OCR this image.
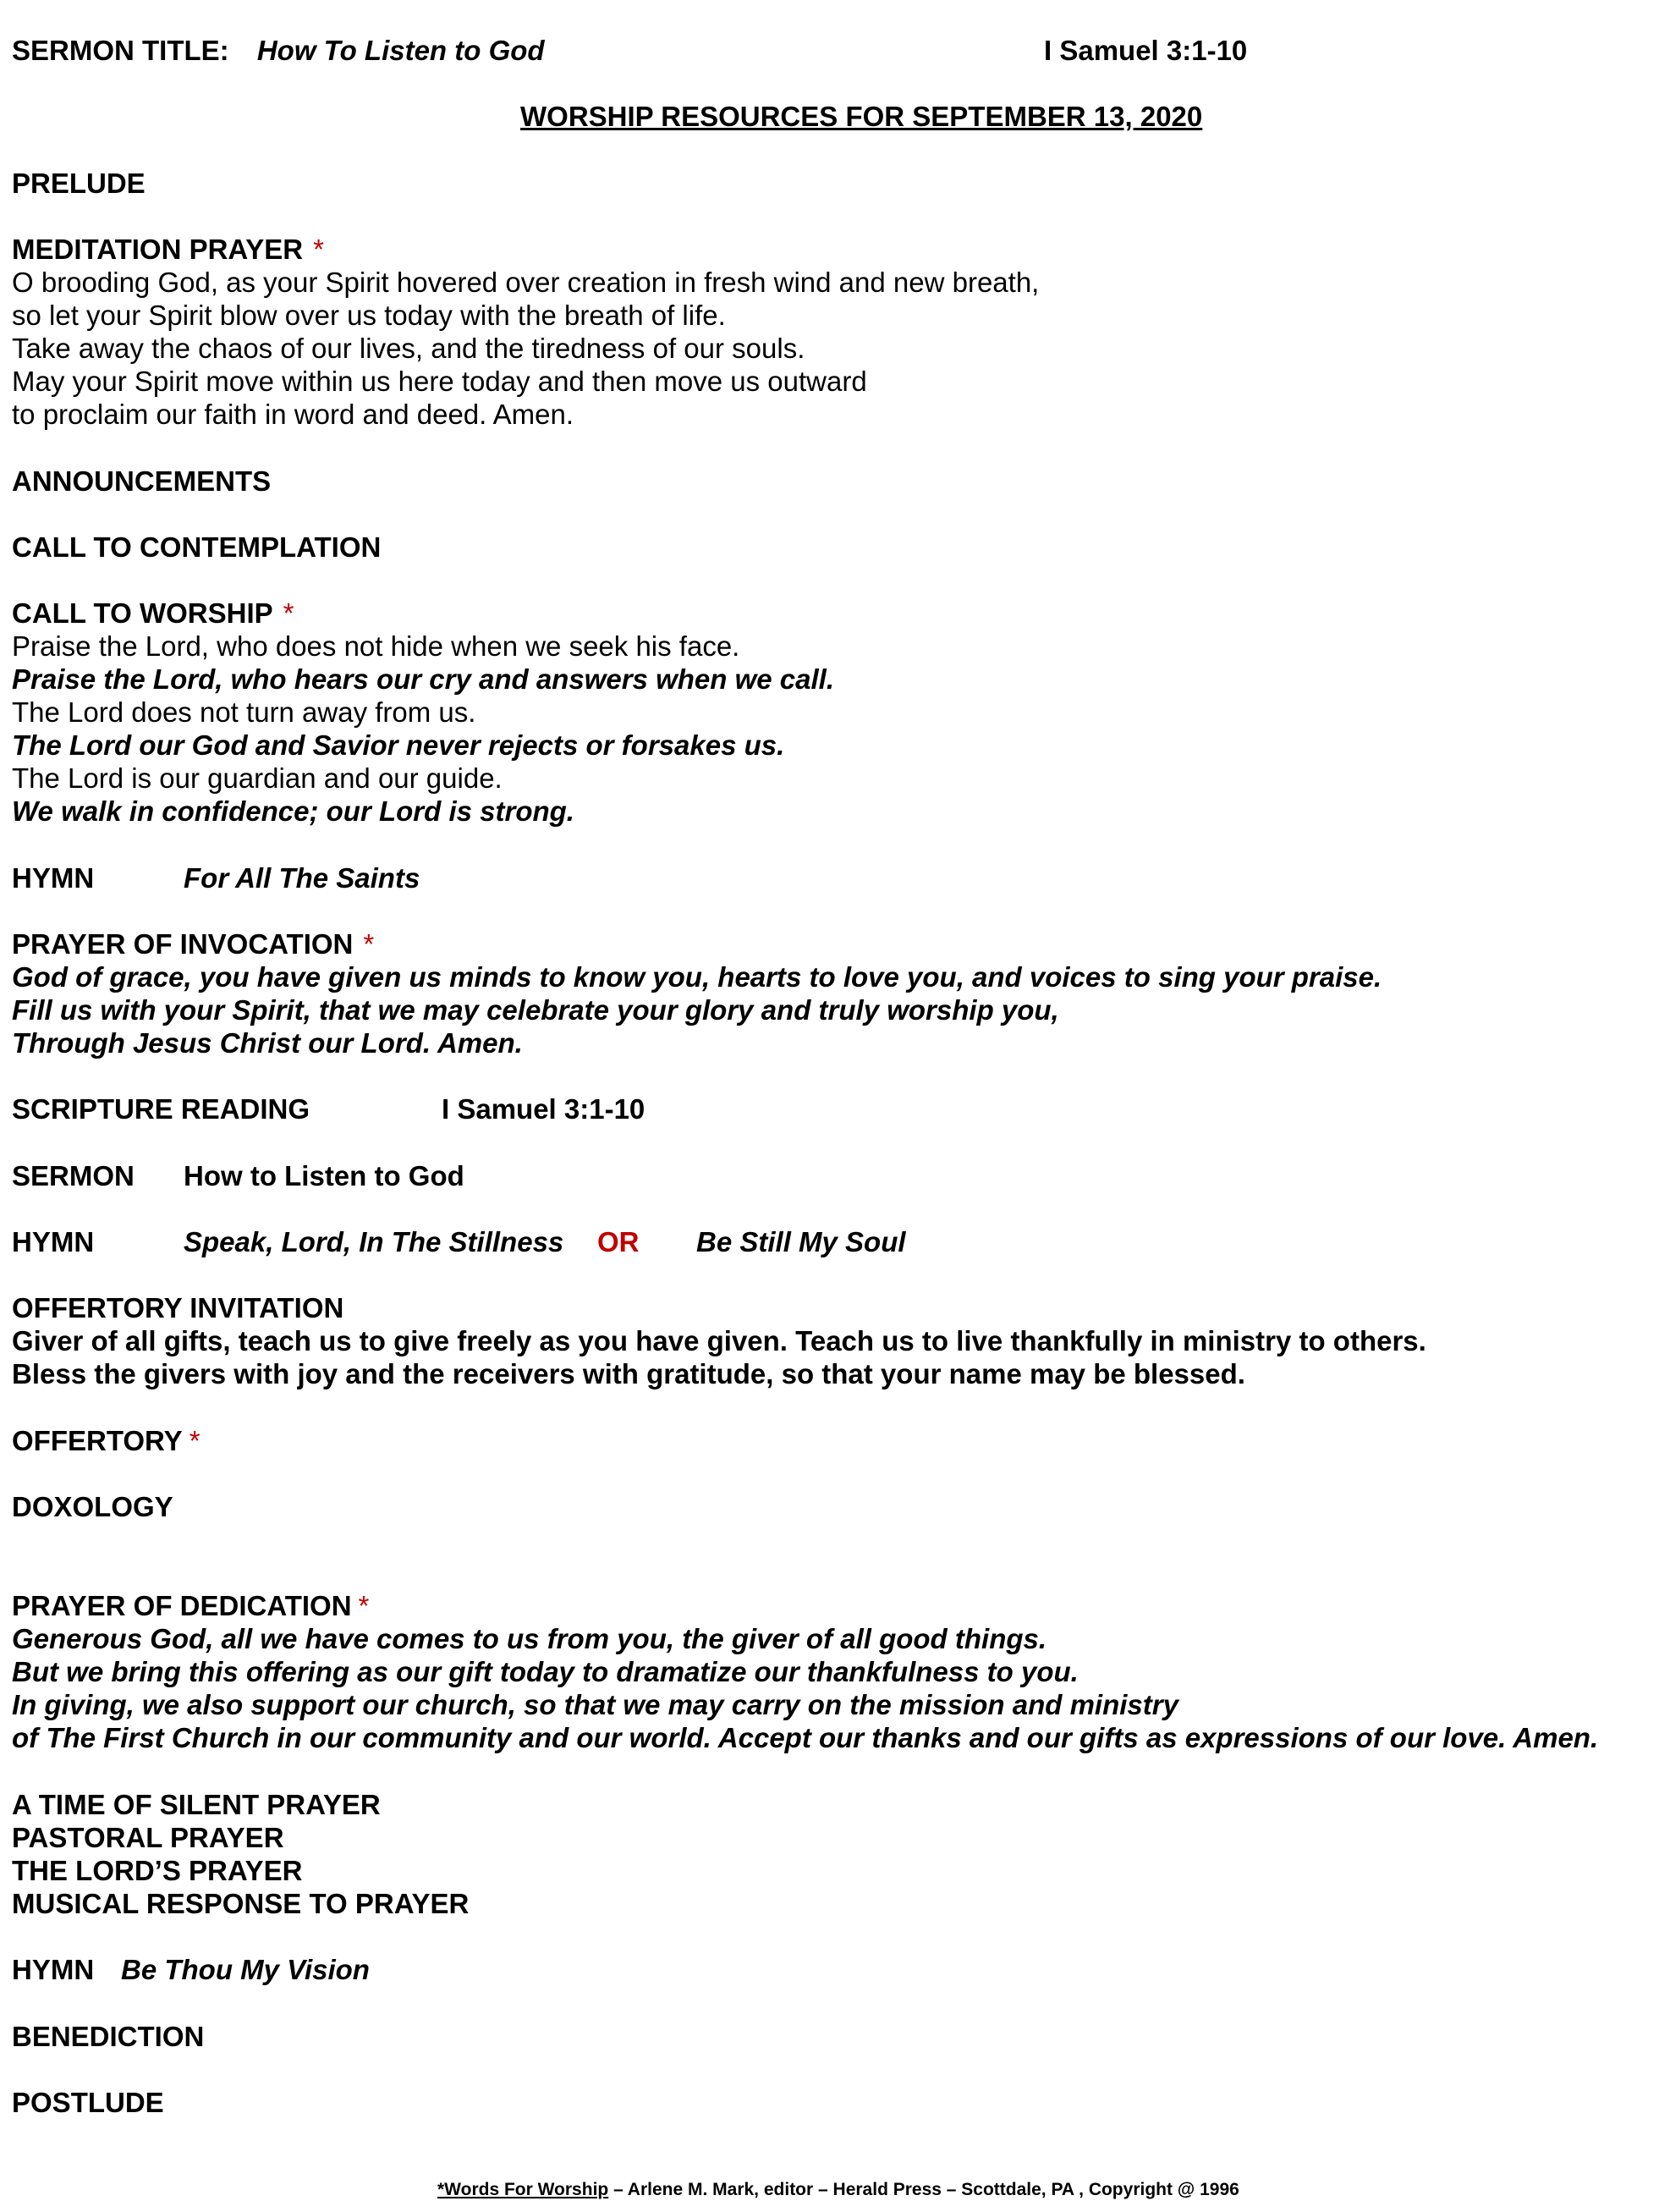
SERMON TITLE: How To Listen to God	I Samuel 3:1-10
WORSHIP RESOURCES FOR SEPTEMBER 13, 2020
PRELUDE
MEDITATION PRAYER *
O brooding God, as your Spirit hovered over creation in fresh wind and new breath,
so let your Spirit blow over us today with the breath of life.
Take away the chaos of our lives, and the tiredness of our souls.
May your Spirit move within us here today and then move us outward
to proclaim our faith in word and deed. Amen.
ANNOUNCEMENTS
CALL TO CONTEMPLATION
CALL TO WORSHIP *
Praise the Lord, who does not hide when we seek his face.
Praise the Lord, who hears our cry and answers when we call.
The Lord does not turn away from us.
The Lord our God and Savior never rejects or forsakes us.
The Lord is our guardian and our guide.
We walk in confidence; our Lord is strong.
HYMN	For All The Saints
PRAYER OF INVOCATION *
God of grace, you have given us minds to know you, hearts to love you, and voices to sing your praise.
Fill us with your Spirit, that we may celebrate your glory and truly worship you,
Through Jesus Christ our Lord. Amen.
SCRIPTURE READING	I Samuel 3:1-10
SERMON How to Listen to God
HYMN	Speak, Lord, In The Stillness OR Be Still My Soul
OFFERTORY INVITATION
Giver of all gifts, teach us to give freely as you have given. Teach us to live thankfully in ministry to others.
Bless the givers with joy and the receivers with gratitude, so that your name may be blessed.
OFFERTORY *
DOXOLOGY
PRAYER OF DEDICATION *
Generous God, all we have comes to us from you, the giver of all good things.
But we bring this offering as our gift today to dramatize our thankfulness to you.
In giving, we also support our church, so that we may carry on the mission and ministry
of The First Church in our community and our world. Accept our thanks and our gifts as expressions of our love. Amen.
A TIME OF SILENT PRAYER
PASTORAL PRAYER
THE LORD’S PRAYER
MUSICAL RESPONSE TO PRAYER
HYMN Be Thou My Vision
BENEDICTION
POSTLUDE
*Words For Worship – Arlene M. Mark, editor – Herald Press – Scottdale, PA , Copyright @ 1996
